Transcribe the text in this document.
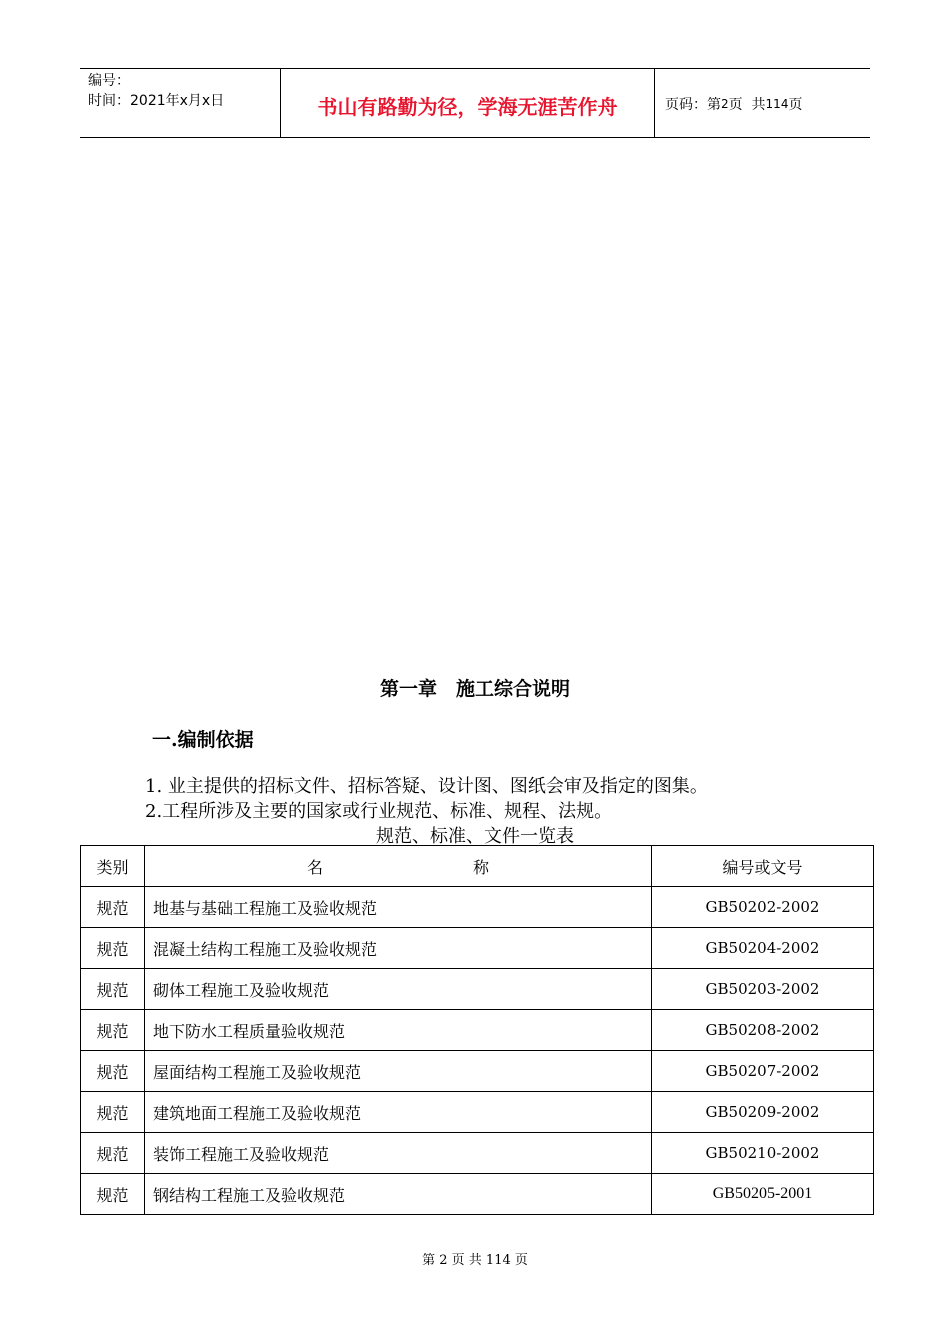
编号：
时间：2021年x月x日	书山有路勤为径，学海无涯苦作舟	页码：第 2 页  共 114 页
第一章　施工综合说明
一.编制依据
1. 业主提供的招标文件、招标答疑、设计图、图纸会审及指定的图集。
2.工程所涉及主要的国家或行业规范、标准、规程、法规。
规范、标准、文件一览表
类别	名 称	编号或文号
规范	地基与基础工程施工及验收规范	GB50202-2002
规范	混凝土结构工程施工及验收规范	GB50204-2002
规范	砌体工程施工及验收规范	GB50203-2002
规范	地下防水工程质量验收规范	GB50208-2002
规范	屋面结构工程施工及验收规范	GB50207-2002
规范	建筑地面工程施工及验收规范	GB50209-2002
规范	装饰工程施工及验收规范	GB50210-2002
规范	钢结构工程施工及验收规范	GB50205-2001
第 2 页 共 114 页
